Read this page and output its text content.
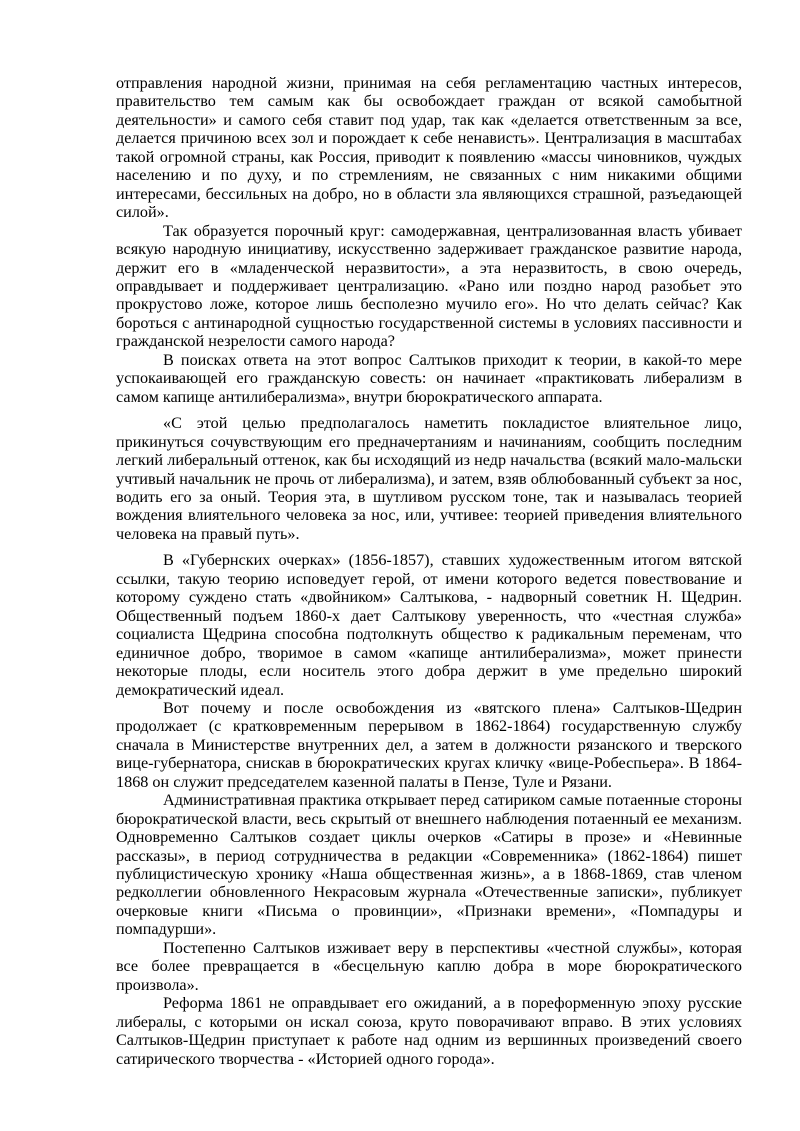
отправления народной жизни, принимая на себя регламентацию частных интересов, правительство тем самым как бы освобождает граждан от всякой самобытной деятельности» и самого себя ставит под удар, так как «делается ответственным за все, делается причиною всех зол и порождает к себе ненависть». Централизация в масштабах такой огромной страны, как Россия, приводит к появлению «массы чиновников, чуждых населению и по духу, и по стремлениям, не связанных с ним никакими общими интересами, бессильных на добро, но в области зла являющихся страшной, разъедающей силой».

Так образуется порочный круг: самодержавная, централизованная власть убивает всякую народную инициативу, искусственно задерживает гражданское развитие народа, держит его в «младенческой неразвитости», а эта неразвитость, в свою очередь, оправдывает и поддерживает централизацию. «Рано или поздно народ разобьет это прокрустово ложе, которое лишь бесполезно мучило его». Но что делать сейчас? Как бороться с антинародной сущностью государственной системы в условиях пассивности и гражданской незрелости самого народа?

В поисках ответа на этот вопрос Салтыков приходит к теории, в какой-то мере успокаивающей его гражданскую совесть: он начинает «практиковать либерализм в самом капище антилиберализма», внутри бюрократического аппарата.

«С этой целью предполагалось наметить покладистое влиятельное лицо, прикинуться сочувствующим его предначертаниям и начинаниям, сообщить последним легкий либеральный оттенок, как бы исходящий из недр начальства (всякий мало-мальски учтивый начальник не прочь от либерализма), и затем, взяв облюбованный субъект за нос, водить его за оный. Теория эта, в шутливом русском тоне, так и называлась теорией вождения влиятельного человека за нос, или, учтивее: теорией приведения влиятельного человека на правый путь».

В «Губернских очерках» (1856-1857), ставших художественным итогом вятской ссылки, такую теорию исповедует герой, от имени которого ведется повествование и которому суждено стать «двойником» Салтыкова, - надворный советник Н. Щедрин. Общественный подъем 1860-х дает Салтыкову уверенность, что «честная служба» социалиста Щедрина способна подтолкнуть общество к радикальным переменам, что единичное добро, творимое в самом «капище антилиберализма», может принести некоторые плоды, если носитель этого добра держит в уме предельно широкий демократический идеал.

Вот почему и после освобождения из «вятского плена» Салтыков-Щедрин продолжает (с кратковременным перерывом в 1862-1864) государственную службу сначала в Министерстве внутренних дел, а затем в должности рязанского и тверского вице-губернатора, снискав в бюрократических кругах кличку «вице-Робеспьера». В 1864-1868 он служит председателем казенной палаты в Пензе, Туле и Рязани.

Административная практика открывает перед сатириком самые потаенные стороны бюрократической власти, весь скрытый от внешнего наблюдения потаенный ее механизм. Одновременно Салтыков создает циклы очерков «Сатиры в прозе» и «Невинные рассказы», в период сотрудничества в редакции «Современника» (1862-1864) пишет публицистическую хронику «Наша общественная жизнь», а в 1868-1869, став членом редколлегии обновленного Некрасовым журнала «Отечественные записки», публикует очерковые книги «Письма о провинции», «Признаки времени», «Помпадуры и помпадурши».

Постепенно Салтыков изживает веру в перспективы «честной службы», которая все более превращается в «бесцельную каплю добра в море бюрократического произвола».

Реформа 1861 не оправдывает его ожиданий, а в пореформенную эпоху русские либералы, с которыми он искал союза, круто поворачивают вправо. В этих условиях Салтыков-Щедрин приступает к работе над одним из вершинных произведений своего сатирического творчества - «Историей одного города».
